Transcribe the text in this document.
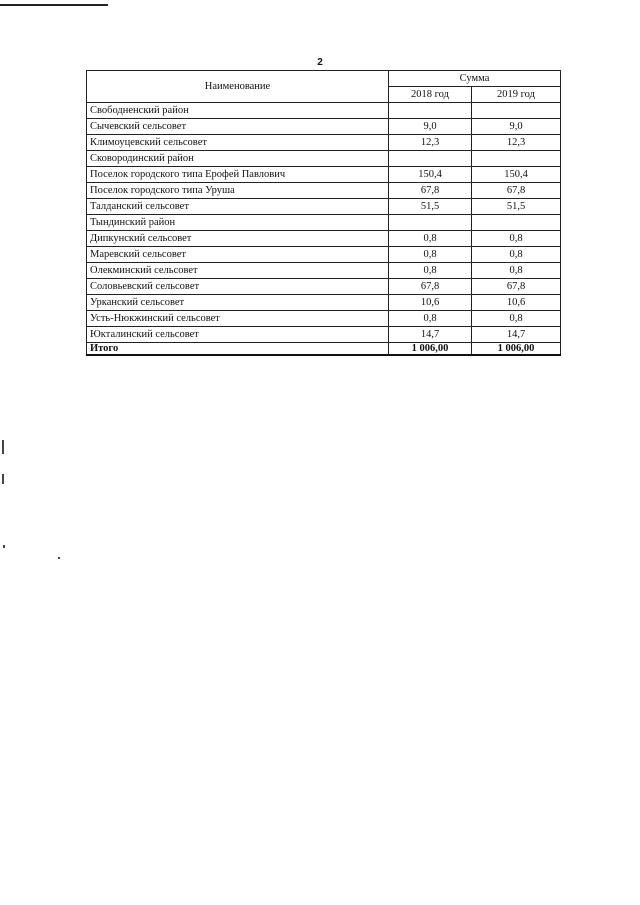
2
Наименование	Сумма	
	2018 год	2019 год
Свободненский район		
Сычевский сельсовет	9,0	9,0
Климоуцевский сельсовет	12,3	12,3
Сковородинский район		
Поселок городского типа Ерофей Павлович	150,4	150,4
Поселок городского типа Уруша	67,8	67,8
Талданский сельсовет	51,5	51,5
Тындинский район		
Дипкунский сельсовет	0,8	0,8
Маревский сельсовет	0,8	0,8
Олекминский сельсовет	0,8	0,8
Соловьевский сельсовет	67,8	67,8
Урканский сельсовет	10,6	10,6
Усть-Нюкжинский сельсовет	0,8	0,8
Юкталинский сельсовет	14,7	14,7
Итого	1 006,00	1 006,00
